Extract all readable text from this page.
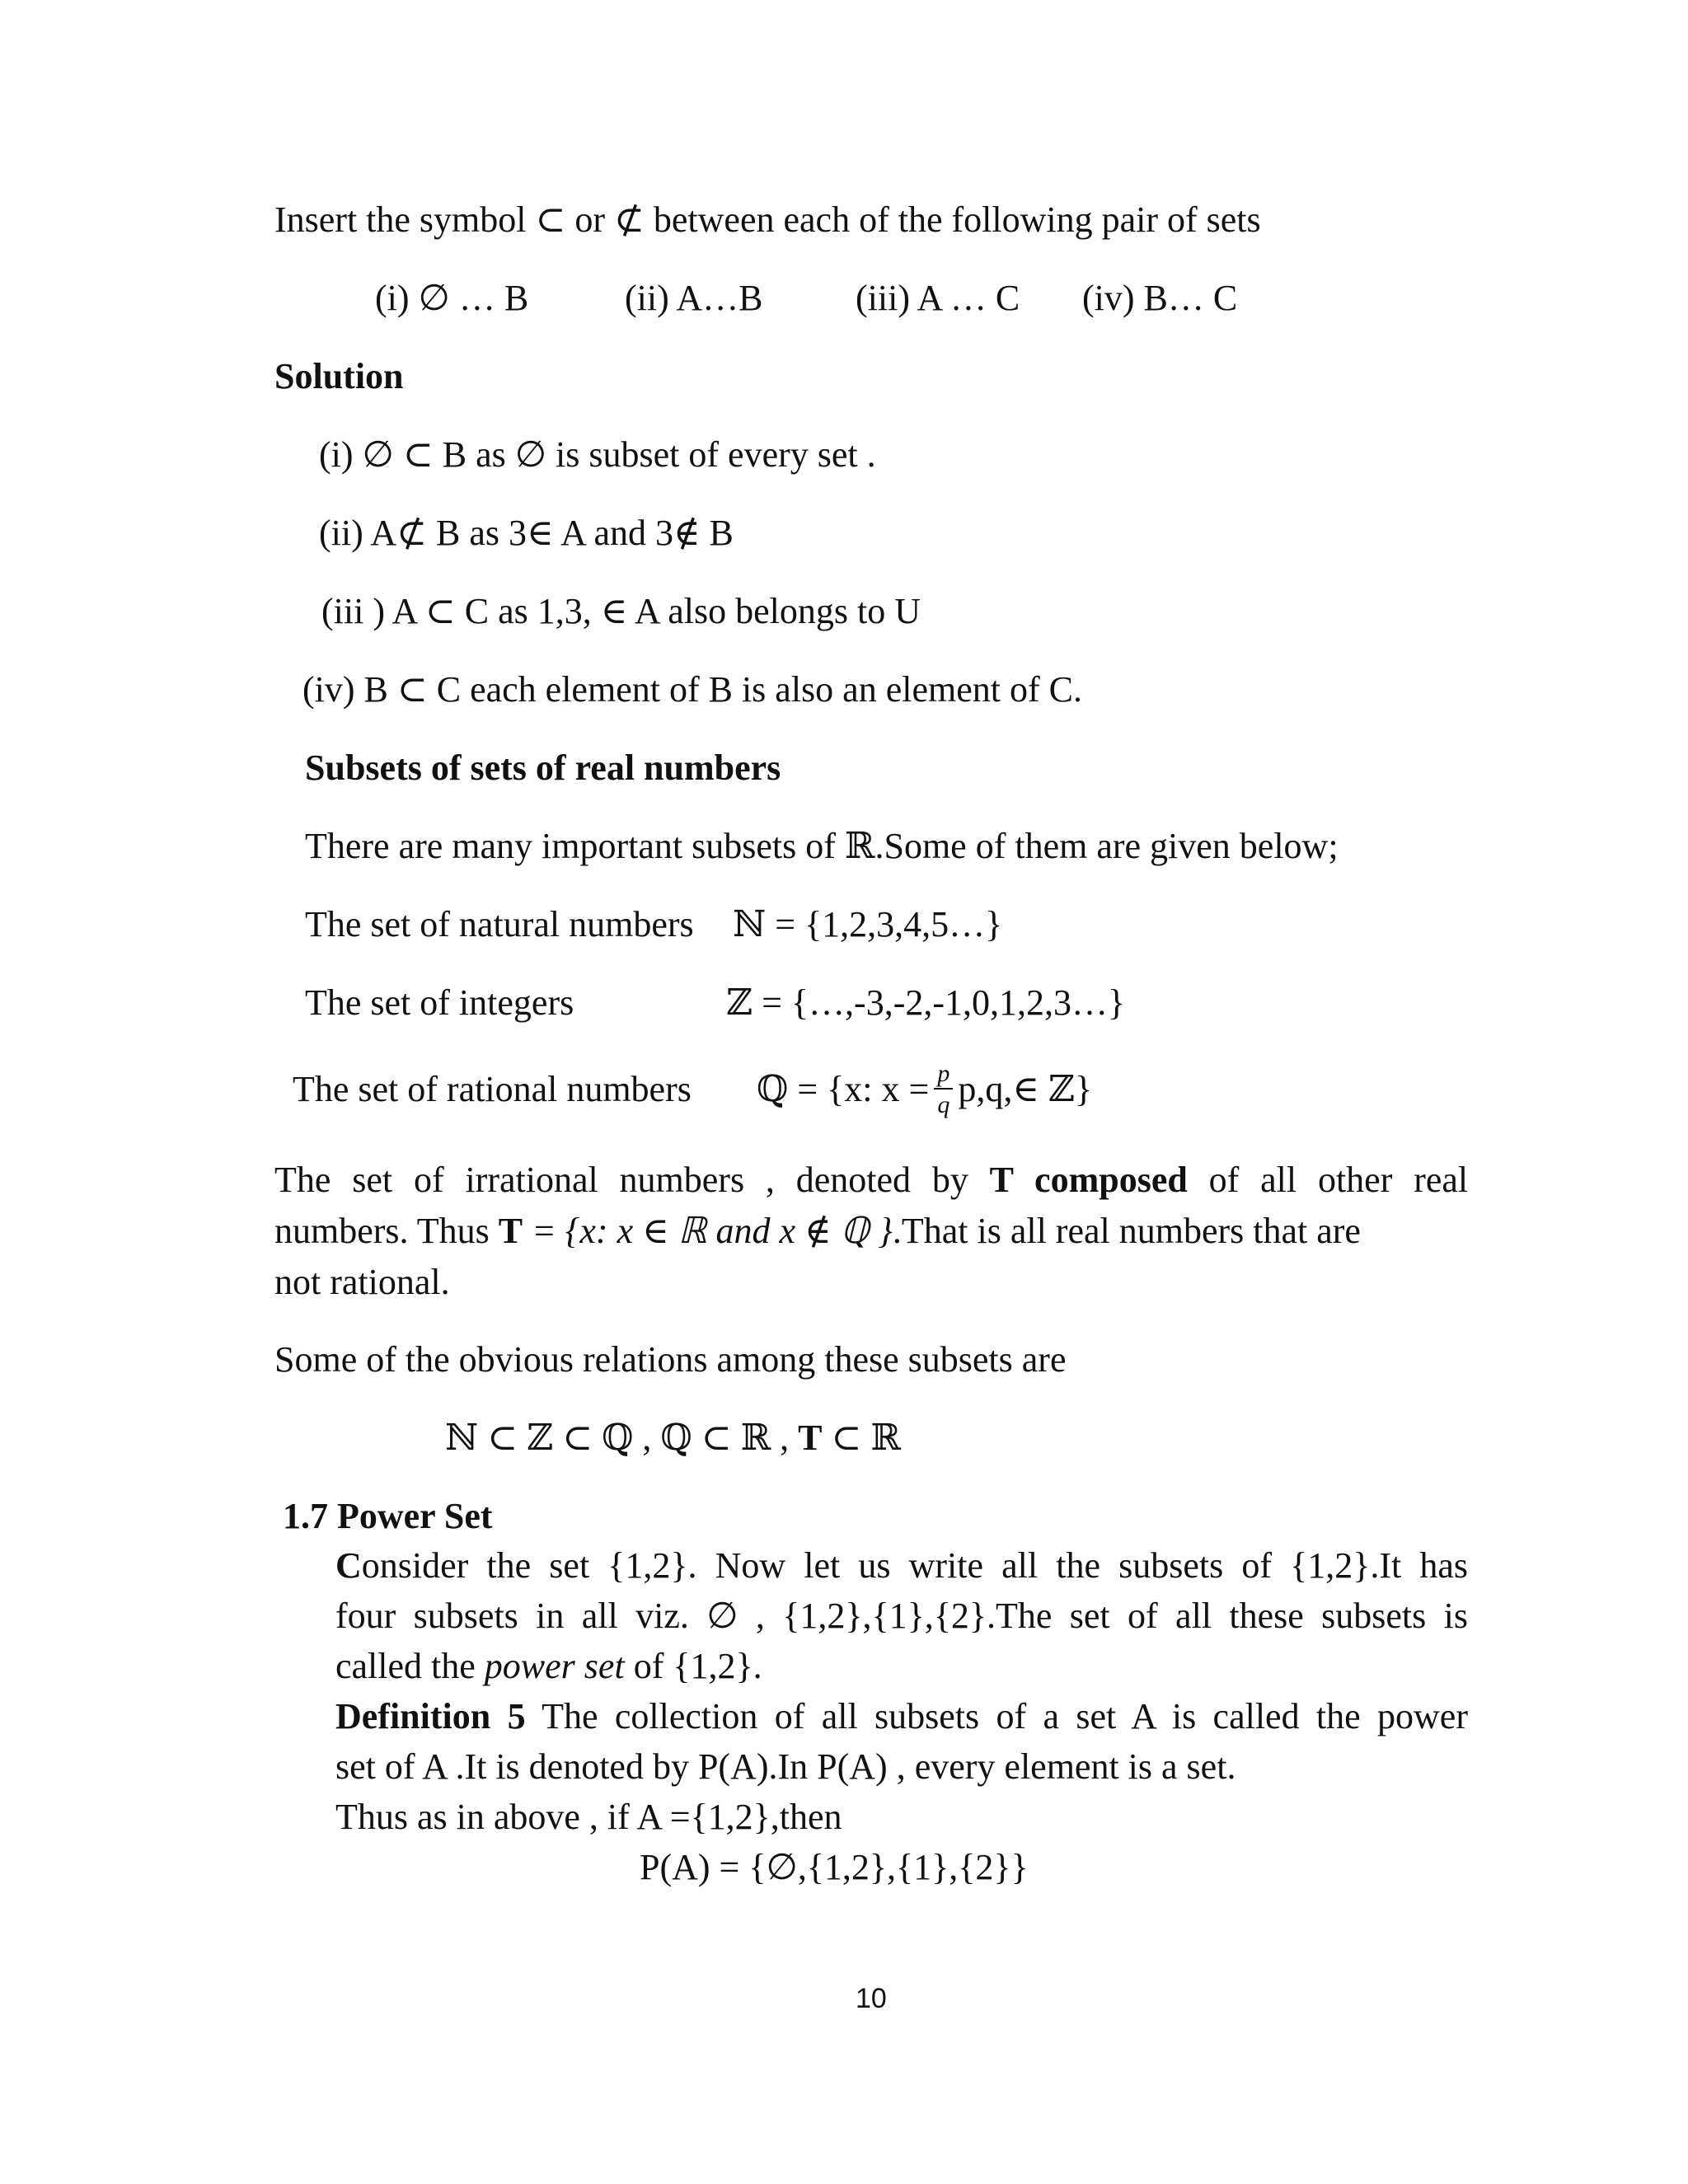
Insert the symbol ⊂ or ⊄ between each of the following pair of sets
(i) ∅ … B	(ii) A…B	(iii) A … C (iv) B… C
Solution
(i) ∅ ⊂ B as ∅ is subset of every set .
(ii) A⊄ B as 3∈ A and 3∉ B
(iii ) A ⊂ C as 1,3, ∈ A also belongs to U
(iv) B ⊂ C each element of B is also an element of C.
Subsets of sets of real numbers
There are many important subsets of ℝ.Some of them are given below;
The set of natural numbers ℕ = {1,2,3,4,5…}
The set of integers	ℤ = {…,-3,-2,-1,0,1,2,3…}
The set of rational numbers ℚ = {x: $x = \frac{p}{q}$ p,q,∈ ℤ}
The set of irrational numbers , denoted by T composed of all other real
numbers. Thus T = {x: x ∈ ℝ and x ∉ ℚ }.That is all real numbers that are
not rational.
Some of the obvious relations among these subsets are
ℕ ⊂ ℤ ⊂ ℚ , ℚ ⊂ ℝ , T ⊂ ℝ
1.7 Power Set
Consider the set {1,2}. Now let us write all the subsets of {1,2}.It has
four subsets in all viz. ∅ , {1,2},{1},{2}.The set of all these subsets is
called the power set of {1,2}.
Definition 5 The collection of all subsets of a set A is called the power
set of A .It is denoted by P(A).In P(A) , every element is a set.
Thus as in above , if A ={1,2},then
P(A) = {∅,{1,2},{1},{2}}
10
